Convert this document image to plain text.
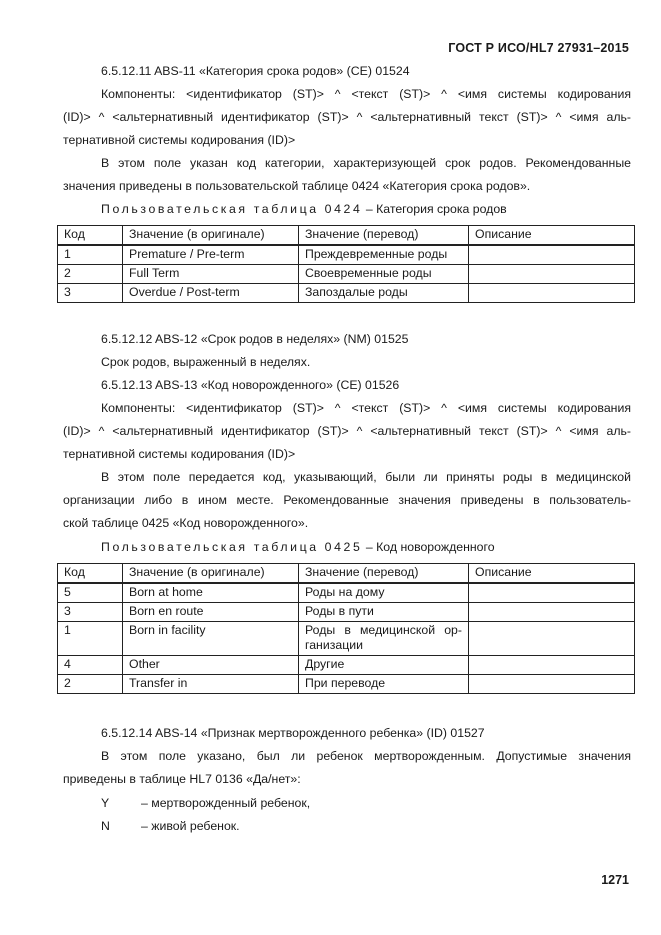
ГОСТ Р ИСО/HL7 27931–2015
6.5.12.11 ABS-11 «Категория срока родов» (CE) 01524
Компоненты: <идентификатор (ST)> ^ <текст (ST)> ^ <имя системы кодирования
(ID)> ^ <альтернативный идентификатор (ST)> ^ <альтернативный текст (ST)> ^ <имя аль-
тернативной системы кодирования (ID)>
В этом поле указан код категории, характеризующей срок родов. Рекомендованные
значения приведены в пользовательской таблице 0424 «Категория срока родов».
Пользовательская таблица 0424 – Категория срока родов
Код	Значение (в оригинале)	Значение (перевод)	Описание
1	Premature / Pre-term	Преждевременные роды	
2	Full Term	Своевременные роды	
3	Overdue / Post-term	Запоздалые роды	
6.5.12.12 ABS-12 «Срок родов в неделях» (NM) 01525
Срок родов, выраженный в неделях.
6.5.12.13 ABS-13 «Код новорожденного» (CE) 01526
Компоненты: <идентификатор (ST)> ^ <текст (ST)> ^ <имя системы кодирования
(ID)> ^ <альтернативный идентификатор (ST)> ^ <альтернативный текст (ST)> ^ <имя аль-
тернативной системы кодирования (ID)>
В этом поле передается код, указывающий, были ли приняты роды в медицинской
организации либо в ином месте. Рекомендованные значения приведены в пользователь-
ской таблице 0425 «Код новорожденного».
Пользовательская таблица 0425 – Код новорожденного
Код	Значение (в оригинале)	Значение (перевод)	Описание
5	Born at home	Роды на дому	
3	Born en route	Роды в пути	
1	Born in facility	Роды в медицинской ор-
ганизации	

4	Other	Другие	
2	Transfer in	При переводе	
6.5.12.14 ABS-14 «Признак мертворожденного ребенка» (ID) 01527
В этом поле указано, был ли ребенок мертворожденным. Допустимые значения
приведены в таблице HL7 0136 «Да/нет»:
Y	– мертворожденный ребенок,
N	– живой ребенок.
1271
